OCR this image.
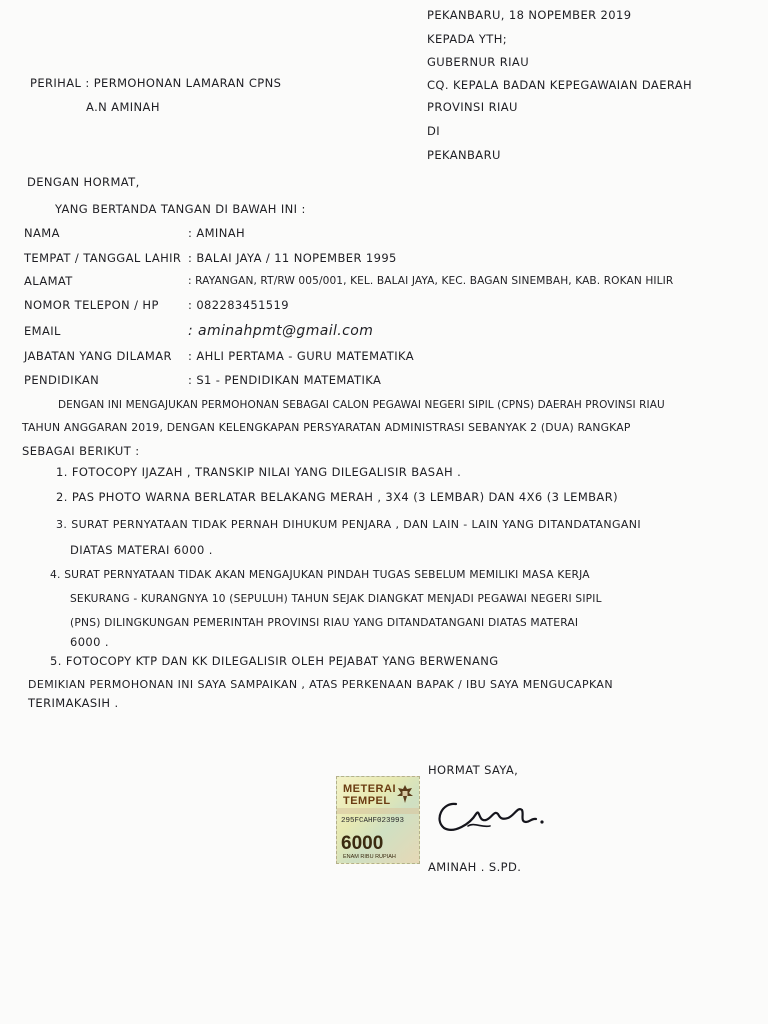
PEKANBARU, 18 NOPEMBER 2019
KEPADA YTH;
GUBERNUR RIAU
CQ. KEPALA BADAN KEPEGAWAIAN DAERAH
PROVINSI RIAU
DI
PEKANBARU
PERIHAL : PERMOHONAN LAMARAN CPNS
A.N AMINAH
DENGAN HORMAT,
YANG BERTANDA TANGAN DI BAWAH INI :
NAMA	: AMINAH
TEMPAT / TANGGAL LAHIR : BALAI JAYA / 11 NOPEMBER 1995
ALAMAT	: RAYANGAN, RT/RW 005/001, KEL. BALAI JAYA, KEC. BAGAN SINEMBAH, KAB. ROKAN HILIR
NOMOR TELEPON / HP	: 082283451519
EMAIL	: aminahpmt@gmail.com
JABATAN YANG DILAMAR : AHLI PERTAMA - GURU MATEMATIKA
PENDIDIKAN	: S1 - PENDIDIKAN MATEMATIKA
DENGAN INI MENGAJUKAN PERMOHONAN SEBAGAI CALON PEGAWAI NEGERI SIPIL (CPNS) DAERAH PROVINSI RIAU
TAHUN ANGGARAN 2019, DENGAN KELENGKAPAN PERSYARATAN ADMINISTRASI SEBANYAK 2 (DUA) RANGKAP
SEBAGAI BERIKUT :
1. FOTOCOPY IJAZAH , TRANSKIP NILAI YANG DILEGALISIR BASAH .
2. PAS PHOTO WARNA BERLATAR BELAKANG MERAH , 3X4 (3 LEMBAR) DAN 4X6 (3 LEMBAR)
3. SURAT PERNYATAAN TIDAK PERNAH DIHUKUM PENJARA , DAN LAIN - LAIN YANG DITANDATANGANI
DIATAS MATERAI 6000 .
4. SURAT PERNYATAAN TIDAK AKAN MENGAJUKAN PINDAH TUGAS SEBELUM MEMILIKI MASA KERJA
SEKURANG - KURANGNYA 10 (SEPULUH) TAHUN SEJAK DIANGKAT MENJADI PEGAWAI NEGERI SIPIL
(PNS) DILINGKUNGAN PEMERINTAH PROVINSI RIAU YANG DITANDATANGANI DIATAS MATERAI
6000 .
5. FOTOCOPY KTP DAN KK DILEGALISIR OLEH PEJABAT YANG BERWENANG
DEMIKIAN PERMOHONAN INI SAYA SAMPAIKAN , ATAS PERKENAAN BAPAK / IBU SAYA MENGUCAPKAN
TERIMAKASIH .
HORMAT SAYA,
METERAI
TEMPEL
295FCAHF023993
6000
ENAM RIBU RUPIAH
AMINAH . S.PD.
